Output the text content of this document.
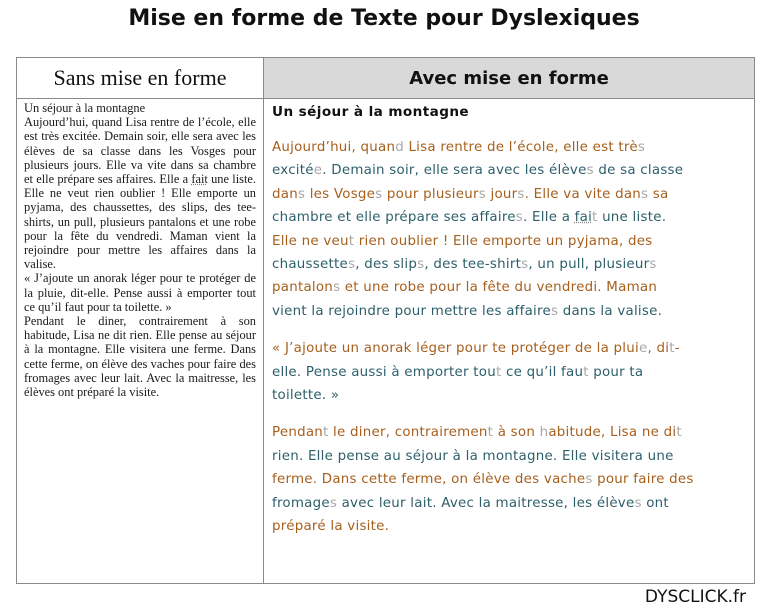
Mise en forme de Texte pour Dyslexiques
Sans mise en forme	Avec mise en forme

Un séjour à la montagne

Aujourd’hui, quand Lisa rentre de l’école, elle est très excitée. Demain soir, elle sera avec les élèves de sa classe dans les Vosges pour plusieurs jours. Elle va vite dans sa chambre et elle prépare ses affaires. Elle a fait une liste. Elle ne veut rien oublier ! Elle emporte un pyjama, des chaussettes, des slips, des tee-shirts, un pull, plusieurs pantalons et une robe pour la fête du vendredi. Maman vient la rejoindre pour mettre les affaires dans la valise.

« J’ajoute un anorak léger pour te protéger de la pluie, dit-elle. Pense aussi à emporter tout ce qu’il faut pour ta toilette. »

Pendant le diner, contrairement à son habitude, Lisa ne dit rien. Elle pense au séjour à la montagne. Elle visitera une ferme. Dans cette ferme, on élève des vaches pour faire des fromages avec leur lait. Avec la maitresse, les élèves ont préparé la visite.

Un séjour à la montagne
Aujourd’hui, quand Lisa rentre de l’école, elle est très
excitée. Demain soir, elle sera avec les élèves de sa classe
dans les Vosges pour plusieurs jours. Elle va vite dans sa
chambre et elle prépare ses affaires. Elle a fait une liste.
Elle ne veut rien oublier ! Elle emporte un pyjama, des
chaussettes, des slips, des tee-shirts, un pull, plusieurs
pantalons et une robe pour la fête du vendredi. Maman
vient la rejoindre pour mettre les affaires dans la valise.
« J’ajoute un anorak léger pour te protéger de la pluie, dit-
elle. Pense aussi à emporter tout ce qu’il faut pour ta
toilette. »
Pendant le diner, contrairement à son habitude, Lisa ne dit
rien. Elle pense au séjour à la montagne. Elle visitera une
ferme. Dans cette ferme, on élève des vaches pour faire des
fromages avec leur lait. Avec la maitresse, les élèves ont
préparé la visite.
DYSCLICK.fr
